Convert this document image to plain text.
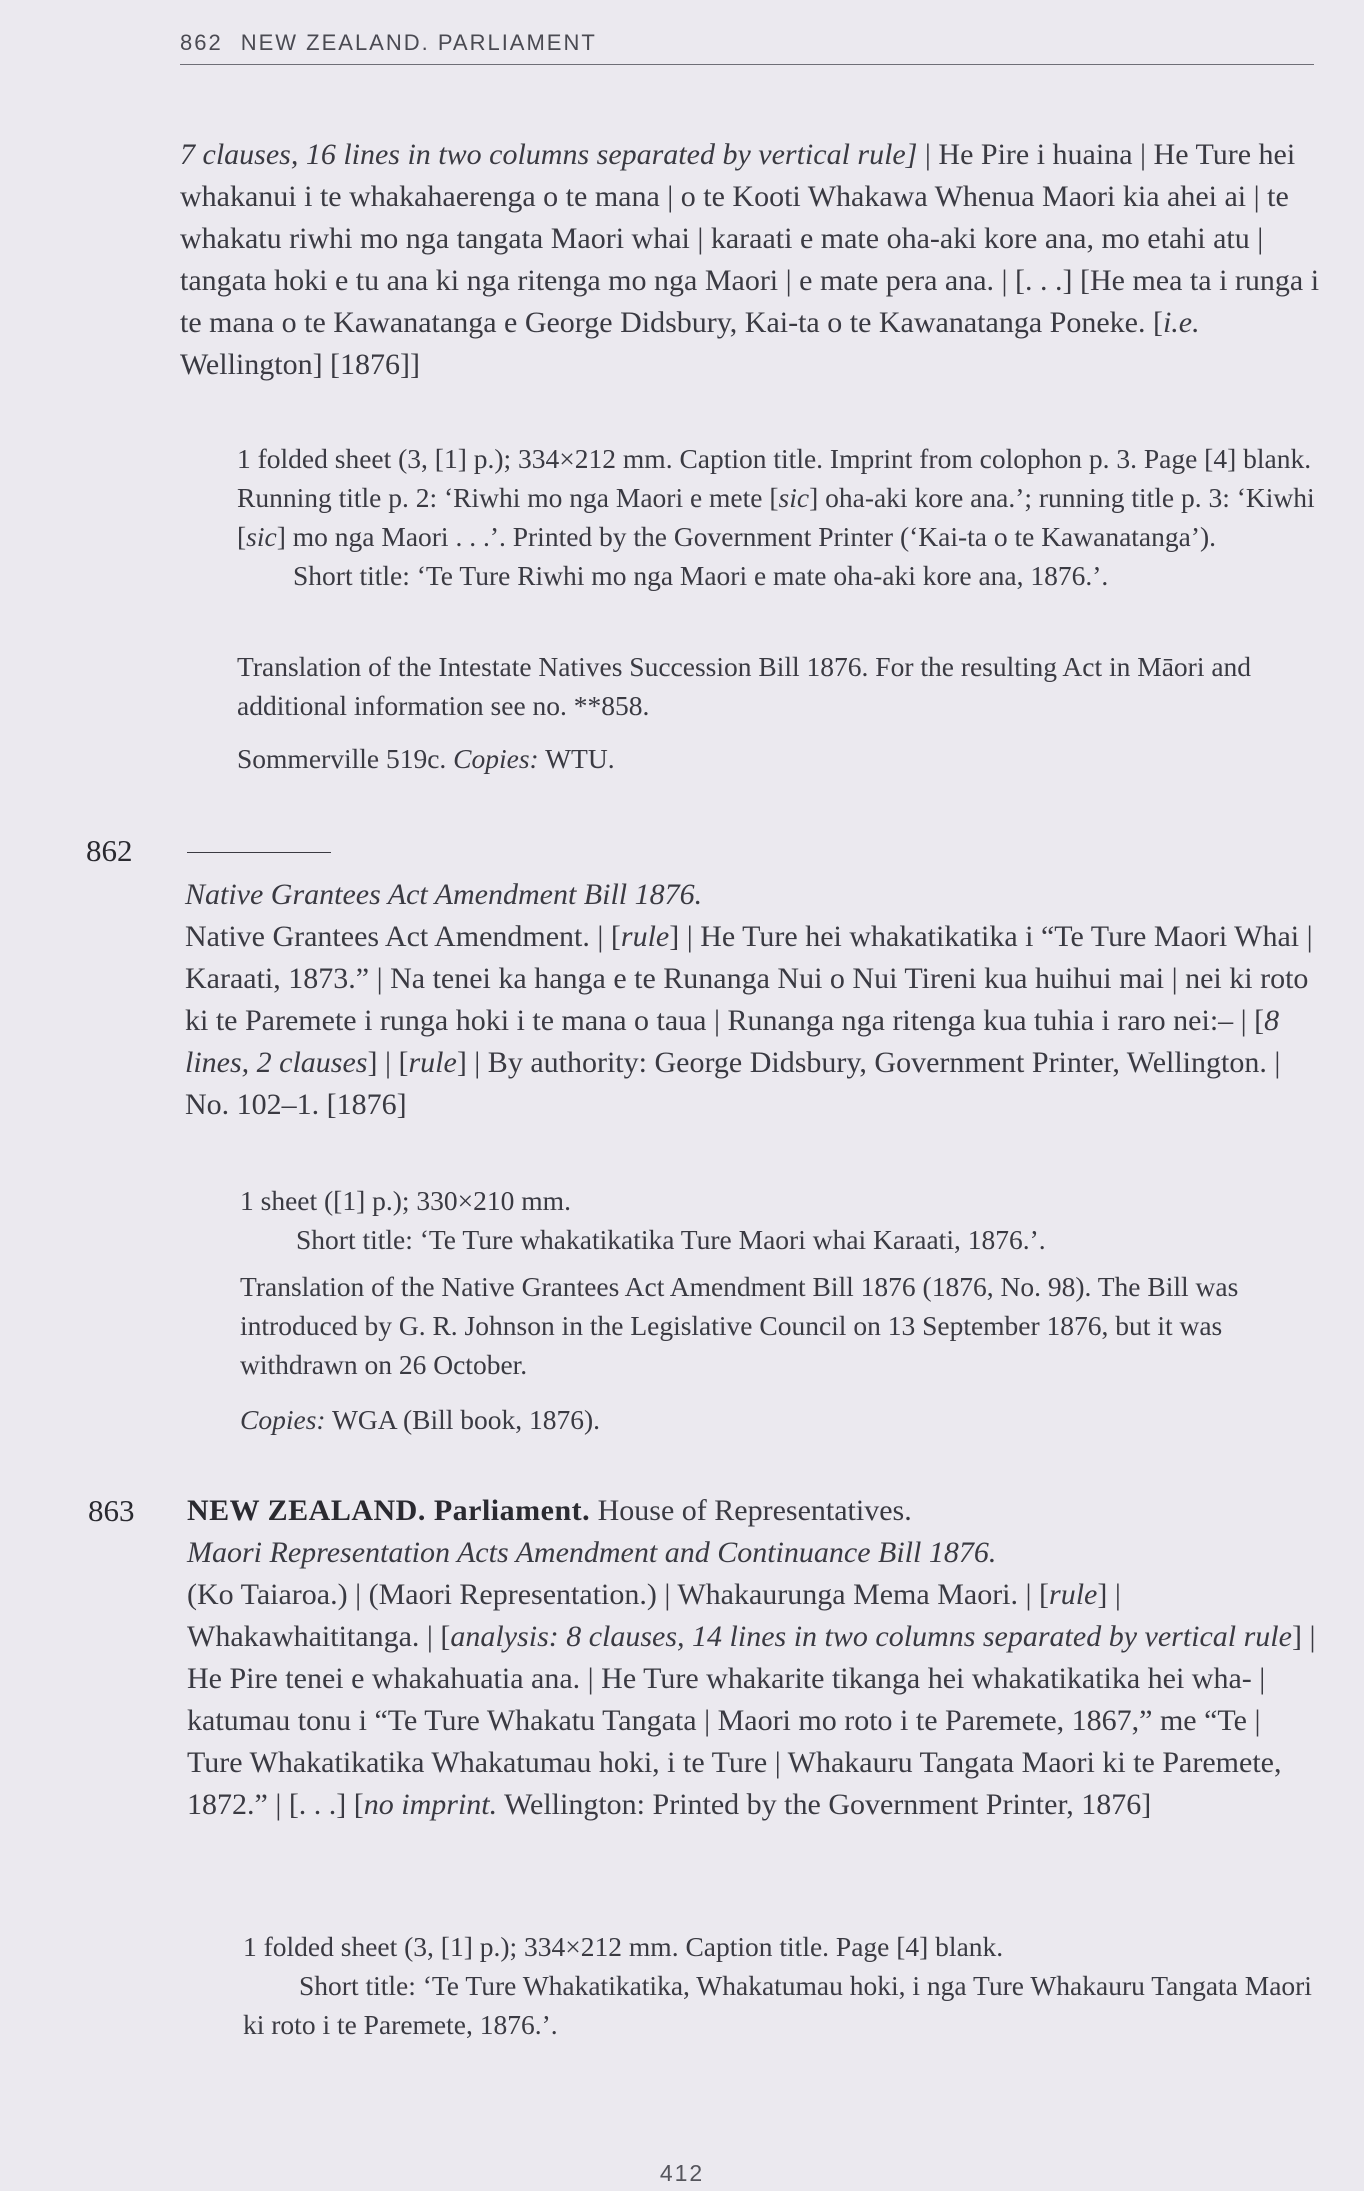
862 NEW ZEALAND. PARLIAMENT
7 clauses, 16 lines in two columns separated by vertical rule] | He Pire i huaina | He Ture hei whakanui i te whakahaerenga o te mana | o te Kooti Whakawa Whenua Maori kia ahei ai | te whakatu riwhi mo nga tangata Maori whai | karaati e mate oha-aki kore ana, mo etahi atu | tangata hoki e tu ana ki nga ritenga mo nga Maori | e mate pera ana. | [. . .] [He mea ta i runga i te mana o te Kawanatanga e George Didsbury, Kai-ta o te Kawanatanga Poneke. [i.e. Wellington] [1876]]

1 folded sheet (3, [1] p.); 334×212 mm. Caption title. Imprint from colophon p. 3. Page [4] blank. Running title p. 2: ‘Riwhi mo nga Maori e mete [sic] oha-aki kore ana.’; running title p. 3: ‘Kiwhi [sic] mo nga Maori . . .’. Printed by the Government Printer (‘Kai-ta o te Kawanatanga’).

Short title: ‘Te Ture Riwhi mo nga Maori e mate oha-aki kore ana, 1876.’.

Translation of the Intestate Natives Succession Bill 1876. For the resulting Act in Māori and additional information see no. **858.

Sommerville 519c. Copies: WTU.

862

Native Grantees Act Amendment Bill 1876.

Native Grantees Act Amendment. | [rule] | He Ture hei whakatikatika i “Te Ture Maori Whai | Karaati, 1873.” | Na tenei ka hanga e te Runanga Nui o Nui Tireni kua huihui mai | nei ki roto ki te Paremete i runga hoki i te mana o taua | Runanga nga ritenga kua tuhia i raro nei:– | [8 lines, 2 clauses] | [rule] | By authority: George Didsbury, Government Printer, Wellington. | No. 102–1. [1876]

1 sheet ([1] p.); 330×210 mm.

Short title: ‘Te Ture whakatikatika Ture Maori whai Karaati, 1876.’.

Translation of the Native Grantees Act Amendment Bill 1876 (1876, No. 98). The Bill was introduced by G. R. Johnson in the Legislative Council on 13 September 1876, but it was withdrawn on 26 October.

Copies: WGA (Bill book, 1876).

863 NEW ZEALAND. Parliament. House of Representatives.

Maori Representation Acts Amendment and Continuance Bill 1876.

(Ko Taiaroa.) | (Maori Representation.) | Whakaurunga Mema Maori. | [rule] | Whakawhaititanga. | [analysis: 8 clauses, 14 lines in two columns separated by vertical rule] | He Pire tenei e whakahuatia ana. | He Ture whakarite tikanga hei whakatikatika hei wha- | katumau tonu i “Te Ture Whakatu Tangata | Maori mo roto i te Paremete, 1867,” me “Te | Ture Whakatikatika Whakatumau hoki, i te Ture | Whakauru Tangata Maori ki te Paremete, 1872.” | [. . .] [no imprint. Wellington: Printed by the Government Printer, 1876]

1 folded sheet (3, [1] p.); 334×212 mm. Caption title. Page [4] blank.

Short title: ‘Te Ture Whakatikatika, Whakatumau hoki, i nga Ture Whakauru Tangata Maori ki roto i te Paremete, 1876.’.

412
